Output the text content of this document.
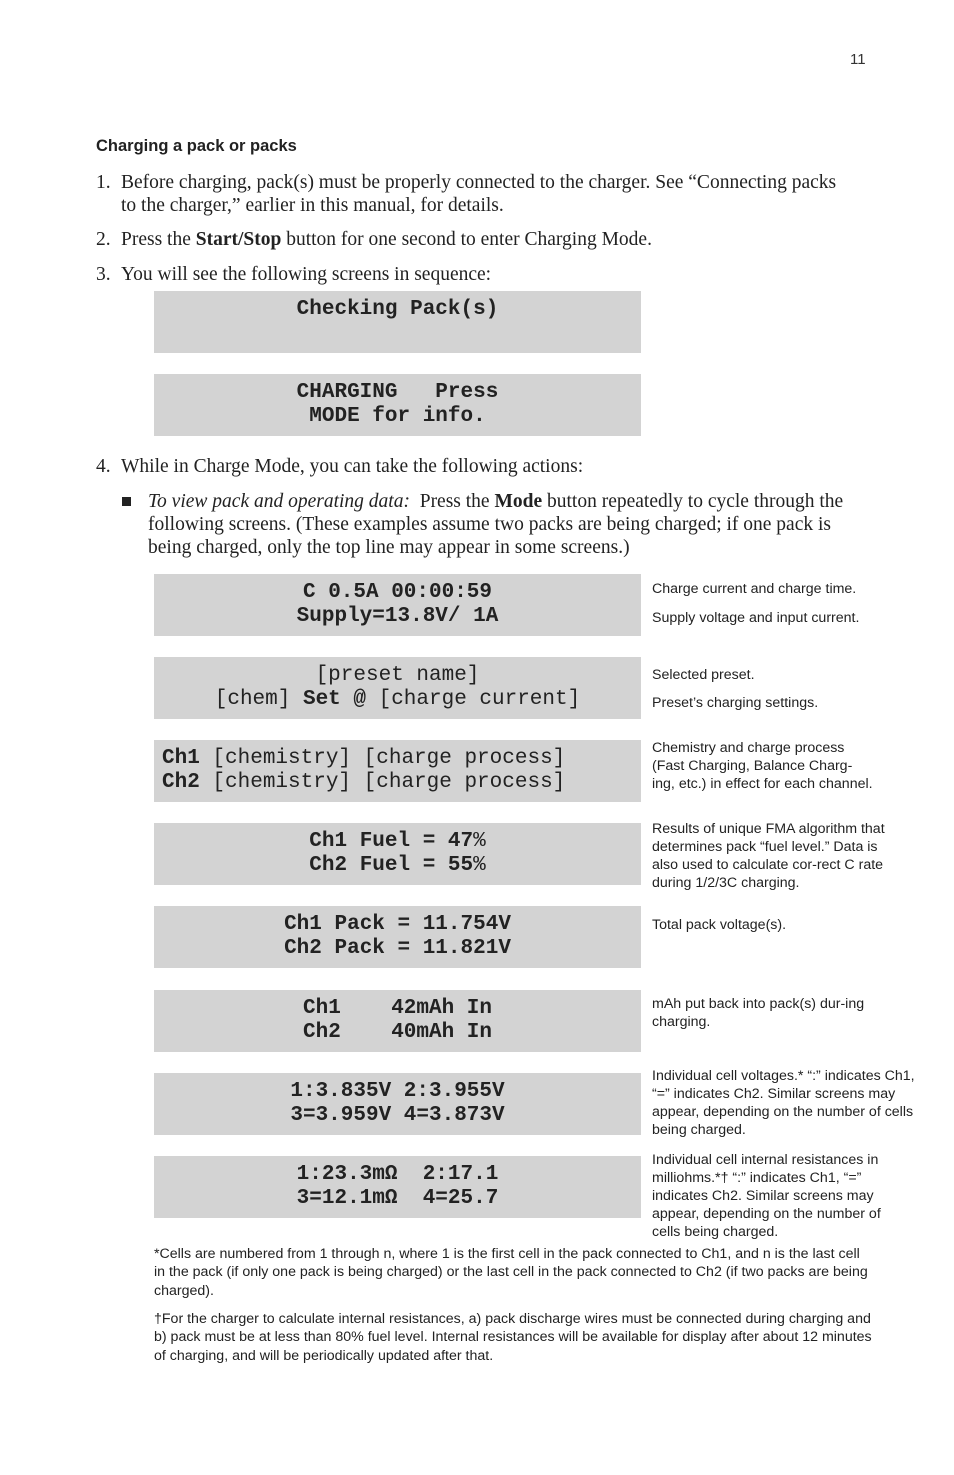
11
Charging a pack or packs
1. Before charging, pack(s) must be properly connected to the charger. See “Connecting packs to the charger,” earlier in this manual, for details.
2. Press the Start/Stop button for one second to enter Charging Mode.
3. You will see the following screens in sequence:
Checking Pack(s)
CHARGING   Press
MODE for info.
4. While in Charge Mode, you can take the following actions:
To view pack and operating data:  Press the Mode button repeatedly to cycle through the following screens. (These examples assume two packs are being charged; if one pack is being charged, only the top line may appear in some screens.)
C 0.5A 00:00:59
Supply=13.8V/ 1A
[preset name]
[chem] Set @ [charge current]
Ch1 [chemistry] [charge process]
Ch2 [chemistry] [charge process]
Ch1 Fuel = 47%
Ch2 Fuel = 55%
Ch1 Pack = 11.754V
Ch2 Pack = 11.821V
Ch1    42mAh In
Ch2    40mAh In
1:3.835V 2:3.955V
3=3.959V 4=3.873V
1:23.3mΩ  2:17.1
3=12.1mΩ  4=25.7
Charge current and charge time.
Supply voltage and input current.
Selected preset.
Preset’s charging settings.
Chemistry and charge process (Fast Charging, Balance Charg-ing, etc.) in effect for each channel.
Results of unique FMA algorithm that determines pack “fuel level.” Data is also used to calculate cor-rect C rate during 1/2/3C charging.
Total pack voltage(s).
mAh put back into pack(s) dur-ing charging.
Individual cell voltages.* “:” indicates Ch1, “=” indicates Ch2. Similar screens may appear, depending on the number of cells being charged.
Individual cell internal resistances in milliohms.*† “:” indicates Ch1, “=” indicates Ch2. Similar screens may appear, depending on the number of cells being charged.
*Cells are numbered from 1 through n, where 1 is the first cell in the pack connected to Ch1, and n is the last cell in the pack (if only one pack is being charged) or the last cell in the pack connected to Ch2 (if two packs are being charged).
†For the charger to calculate internal resistances, a) pack discharge wires must be connected during charging and b) pack must be at less than 80% fuel level. Internal resistances will be available for display after about 12 minutes of charging, and will be periodically updated after that.
